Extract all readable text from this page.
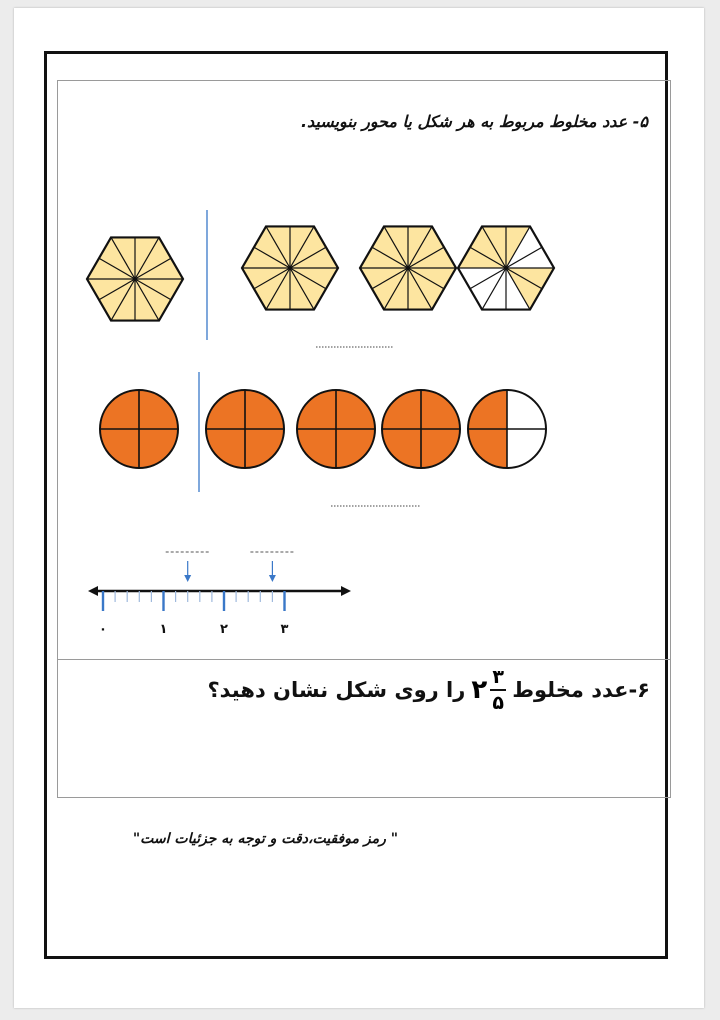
۵- عدد مخلوط مربوط به هر شکل یا محور بنویسید.
۰	۱	۲	۳
۶-عدد مخلوط
۲ $\frac{۳}{۵}$
را روی شکل نشان دهید؟
" رمز موفقیت،دقت و توجه به جزئیات است"
